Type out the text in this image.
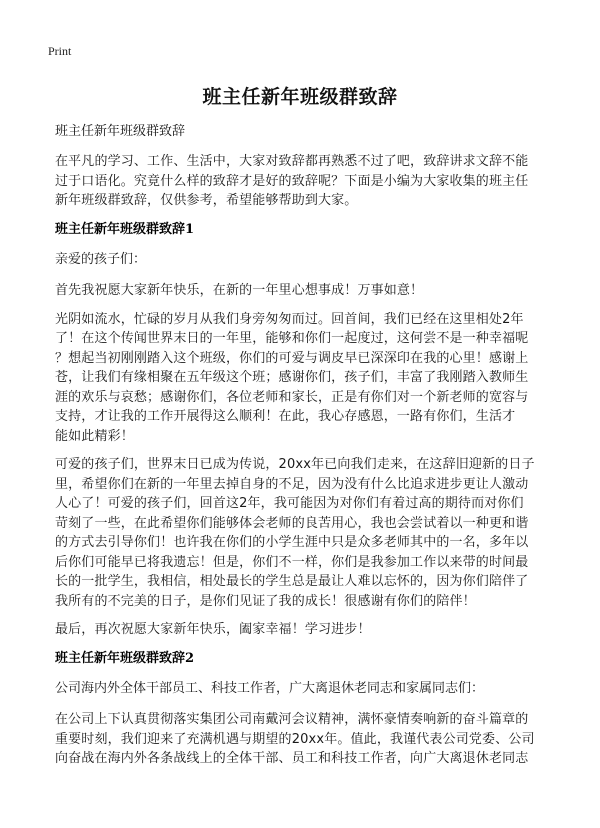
Print
班主任新年班级群致辞
班主任新年班级群致辞
在平凡的学习、工作、生活中，大家对致辞都再熟悉不过了吧，致辞讲求文辞不能
过于口语化。究竟什么样的致辞才是好的致辞呢？下面是小编为大家收集的班主任
新年班级群致辞，仅供参考，希望能够帮助到大家。
班主任新年班级群致辞1
亲爱的孩子们：
首先我祝愿大家新年快乐，在新的一年里心想事成！万事如意！
光阴如流水，忙碌的岁月从我们身旁匆匆而过。回首间，我们已经在这里相处2年
了！在这个传闻世界末日的一年里，能够和你们一起度过，这何尝不是一种幸福呢
？想起当初刚刚踏入这个班级，你们的可爱与调皮早已深深印在我的心里！感谢上
苍，让我们有缘相聚在五年级这个班；感谢你们，孩子们，丰富了我刚踏入教师生
涯的欢乐与哀愁；感谢你们，各位老师和家长，正是有你们对一个新老师的宽容与
支持，才让我的工作开展得这么顺利！在此，我心存感恩，一路有你们，生活才
能如此精彩！
可爱的孩子们，世界末日已成为传说，20xx年已向我们走来，在这辞旧迎新的日子
里，希望你们在新的一年里去掉自身的不足，因为没有什么比追求进步更让人激动
人心了！可爱的孩子们，回首这2年，我可能因为对你们有着过高的期待而对你们
苛刻了一些，在此希望你们能够体会老师的良苦用心，我也会尝试着以一种更和谐
的方式去引导你们！也许我在你们的小学生涯中只是众多老师其中的一名，多年以
后你们可能早已将我遗忘！但是，你们不一样，你们是我参加工作以来带的时间最
长的一批学生，我相信，相处最长的学生总是最让人难以忘怀的，因为你们陪伴了
我所有的不完美的日子，是你们见证了我的成长！很感谢有你们的陪伴！
最后，再次祝愿大家新年快乐，阖家幸福！学习进步！
班主任新年班级群致辞2
公司海内外全体干部员工、科技工作者，广大离退休老同志和家属同志们：
在公司上下认真贯彻落实集团公司南戴河会议精神，满怀豪情奏响新的奋斗篇章的
重要时刻，我们迎来了充满机遇与期望的20xx年。值此，我谨代表公司党委、公司
向奋战在海内外各条战线上的全体干部、员工和科技工作者，向广大离退休老同志
